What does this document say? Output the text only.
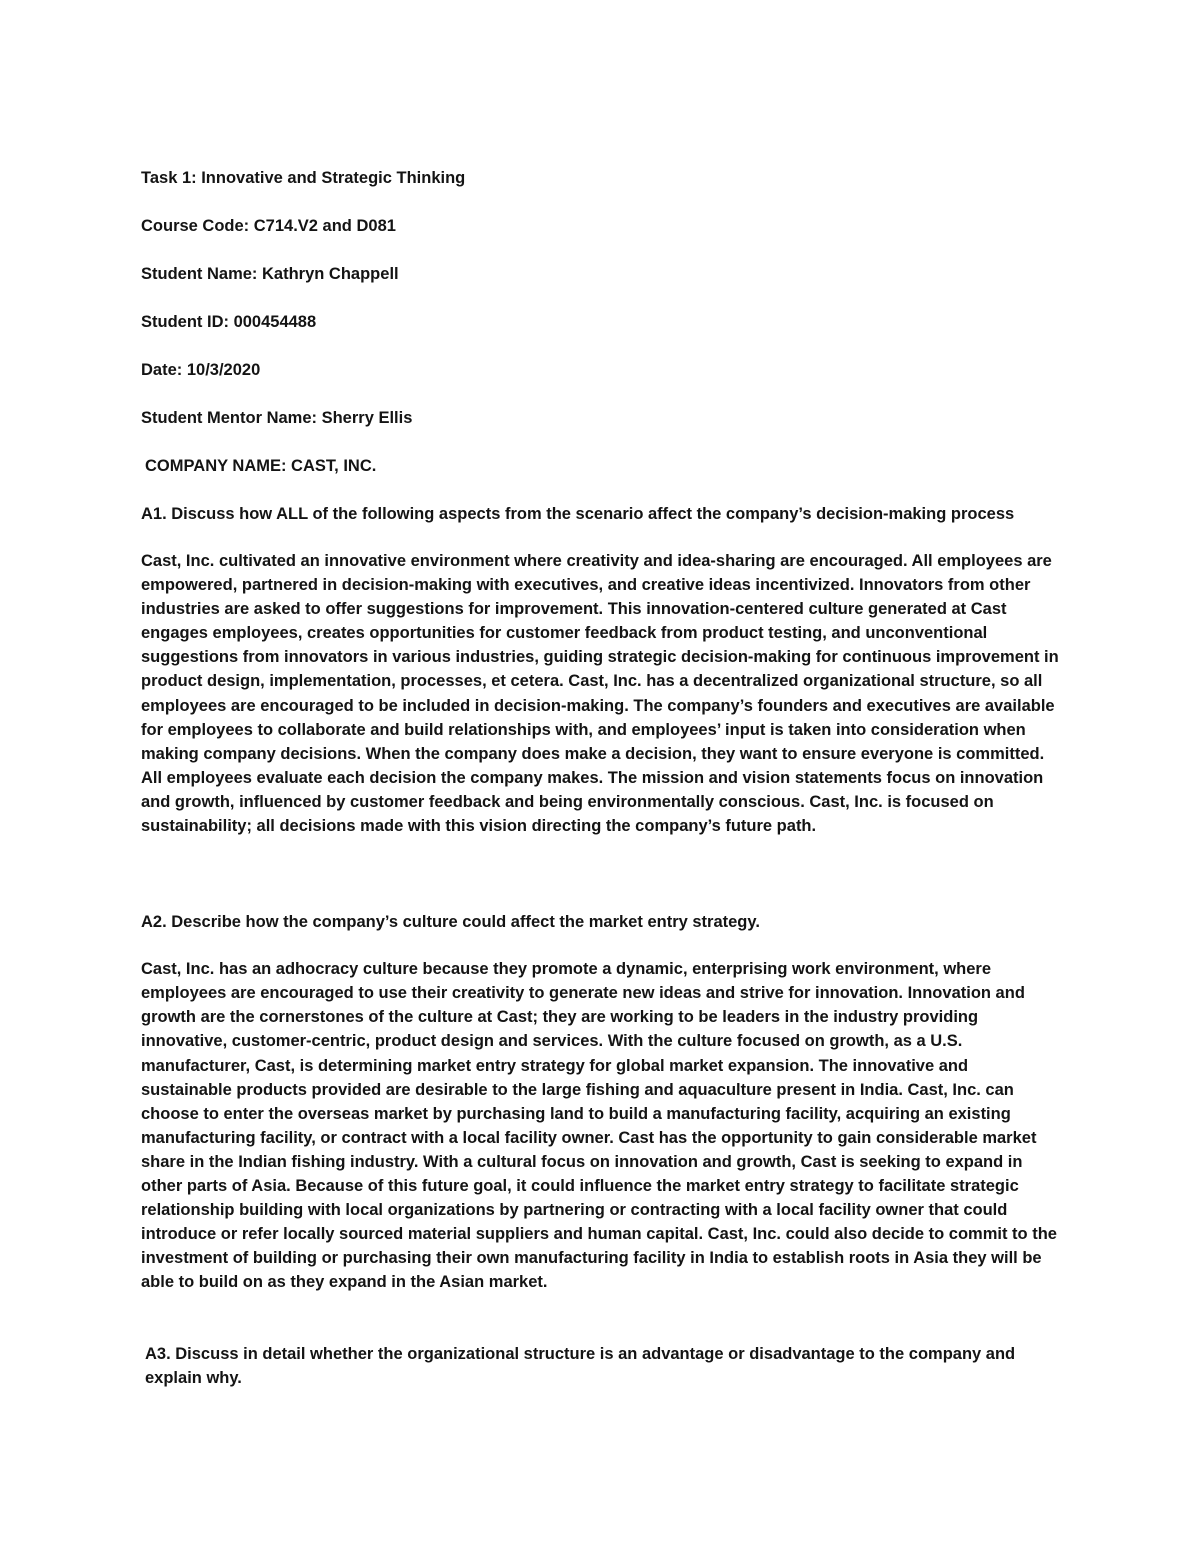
Task 1: Innovative and Strategic Thinking
Course Code: C714.V2 and D081
Student Name: Kathryn Chappell
Student ID: 000454488
Date: 10/3/2020
Student Mentor Name: Sherry Ellis
COMPANY NAME: CAST, INC.
A1. Discuss how ALL of the following aspects from the scenario affect the company’s decision-making process

Cast, Inc. cultivated an innovative environment where creativity and idea-sharing are encouraged. All employees are empowered, partnered in decision-making with executives, and creative ideas incentivized. Innovators from other industries are asked to offer suggestions for improvement. This innovation-centered culture generated at Cast engages employees, creates opportunities for customer feedback from product testing, and unconventional suggestions from innovators in various industries, guiding strategic decision-making for continuous improvement in product design, implementation, processes, et cetera. Cast, Inc. has a decentralized organizational structure, so all employees are encouraged to be included in decision-making. The company’s founders and executives are available for employees to collaborate and build relationships with, and employees’ input is taken into consideration when making company decisions. When the company does make a decision, they want to ensure everyone is committed. All employees evaluate each decision the company makes. The mission and vision statements focus on innovation and growth, influenced by customer feedback and being environmentally conscious. Cast, Inc. is focused on sustainability; all decisions made with this vision directing the company’s future path.

A2. Describe how the company’s culture could affect the market entry strategy.

Cast, Inc. has an adhocracy culture because they promote a dynamic, enterprising work environment, where employees are encouraged to use their creativity to generate new ideas and strive for innovation. Innovation and growth are the cornerstones of the culture at Cast; they are working to be leaders in the industry providing innovative, customer-centric, product design and services. With the culture focused on growth, as a U.S. manufacturer, Cast, is determining market entry strategy for global market expansion. The innovative and sustainable products provided are desirable to the large fishing and aquaculture present in India. Cast, Inc. can choose to enter the overseas market by purchasing land to build a manufacturing facility, acquiring an existing manufacturing facility, or contract with a local facility owner. Cast has the opportunity to gain considerable market share in the Indian fishing industry. With a cultural focus on innovation and growth, Cast is seeking to expand in other parts of Asia. Because of this future goal, it could influence the market entry strategy to facilitate strategic relationship building with local organizations by partnering or contracting with a local facility owner that could introduce or refer locally sourced material suppliers and human capital. Cast, Inc. could also decide to commit to the investment of building or purchasing their own manufacturing facility in India to establish roots in Asia they will be able to build on as they expand in the Asian market.

A3. Discuss in detail whether the organizational structure is an advantage or disadvantage to the company and explain why.
